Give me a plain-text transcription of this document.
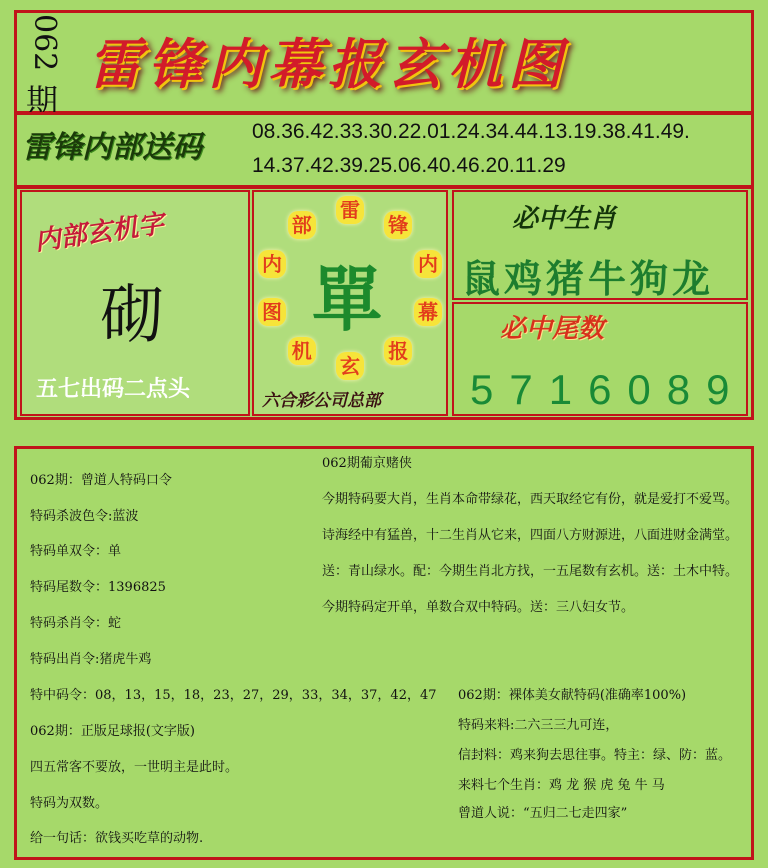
062
期
雷锋内幕报玄机图
雷锋内部送码	08.36.42.33.30.22.01.24.34.44.13.19.38.41.49.
14.37.42.39.25.06.40.46.20.11.29
内部玄机字
砌
五七出码二点头
雷
锋
内
幕
报
玄
机
图
内
部
單
六合彩公司总部
必中生肖
鼠鸡猪牛狗龙
必中尾数
5716089
062期：曾道人特码口令
特码杀波色令:蓝波
特码单双令：单
特码尾数令：1396825
特码杀肖令：蛇
特码出肖令:猪虎牛鸡
特中码令：08，13，15，18，23，27，29，33，34，37，42，47
062期：正版足球报(文字版)
四五常客不要放，一世明主是此时。
特码为双数。
给一句话：欲钱买吃草的动物.
062期葡京赌侠
今期特码要大肖，生肖本命带绿花，西天取经它有份，就是爱打不爱骂。
诗海经中有猛兽，十二生肖从它来，四面八方财源进，八面进财金满堂。
送：青山绿水。配：今期生肖北方找，一五尾数有玄机。送：土木中特。
今期特码定开单，单数合双中特码。送：三八妇女节。
062期：裸体美女献特码(准确率100%)
特码来料:二六三三九可连，
信封料：鸡来狗去思往事。特主：绿、防：蓝。
来料七个生肖：鸡 龙 猴 虎 兔 牛 马
曾道人说：“五归二七走四家”
